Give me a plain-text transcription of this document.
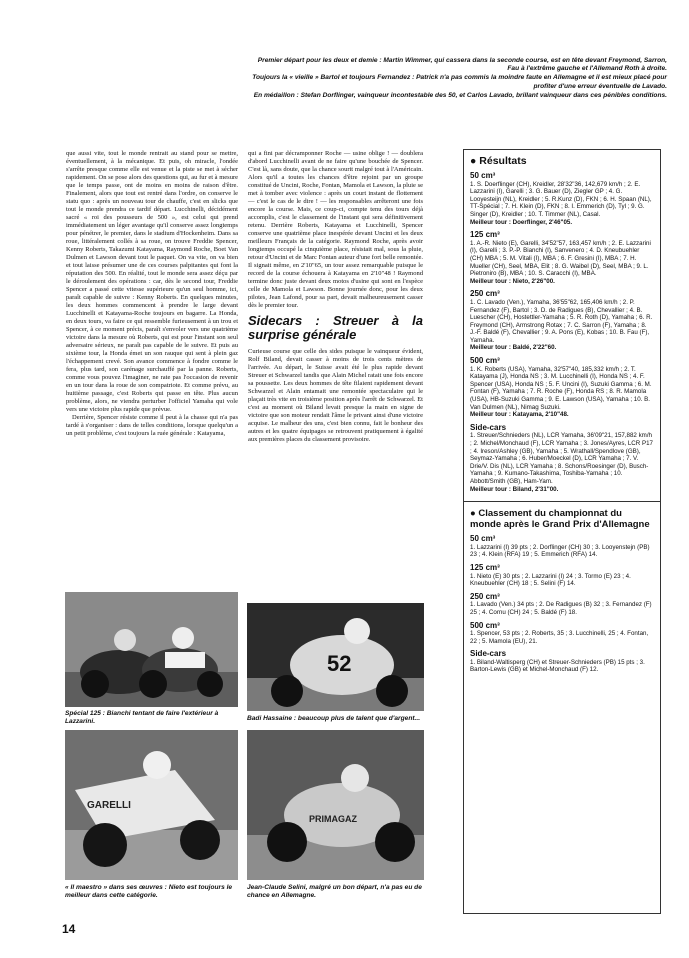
Premier départ pour les deux et demie : Martin Wimmer, qui cassera dans la seconde course, est en tête devant Freymond, Sarron, Fau à l'extrême gauche et l'Allemand Roth à droite.

Toujours la « vieille » Bartol et toujours Fernandez : Patrick n'a pas commis la moindre faute en Allemagne et il est mieux placé pour profiter d'une erreur éventuelle de Lavado.

En médaillon : Stefan Dorflinger, vainqueur incontestable des 50, et Carlos Lavado, brillant vainqueur dans ces pénibles conditions.

que aussi vite, tout le monde rentrait au stand pour se mettre, éventuellement, à la mécanique. Et puis, oh miracle, l'ondée s'arrête presque comme elle est venue et la piste se met à sécher rapidement. On se pose alors des questions qui, au fur et à mesure que le temps passe, ont de moins en moins de raison d'être. Finalement, alors que tout est rentré dans l'ordre, on conserve le statu quo : après un nouveau tour de chauffe, c'est en slicks que tout le monde prendra ce tardif départ. Lucchinelli, décidément sacré « roi des pousseurs de 500 », est celui qui prend immédiatement un léger avantage qu'il conserve assez longtemps pour pénétrer, le premier, dans le stadium d'Hockenheim. Dans sa roue, littéralement collés à sa roue, on trouve Freddie Spencer, Kenny Roberts, Takazumi Katayama, Raymond Roche, Boet Van Dulmen et Lawson devant tout le paquet. On va vite, on va bien et tout laisse présumer une de ces courses palpitantes qui font la réputation des 500. En réalité, tout le monde sera assez déçu par le déroulement des opérations : car, dès le second tour, Freddie Spencer a passé cette vitesse supérieure qu'un seul homme, ici, paraît capable de suivre : Kenny Roberts. En quelques minutes, les deux hommes commencent à prendre le large devant Lucchinelli et Katayama-Roche toujours en bagarre. La Honda, en deux tours, va faire ce qui ressemble furieusement à un trou et Spencer, à ce moment précis, paraît s'envoler vers une quatrième victoire dans la mesure où Roberts, qui est pour l'instant son seul adversaire sérieux, ne paraît pas capable de le suivre. Et puis au sixième tour, la Honda émet un son rauque qui sent à plein gaz l'échappement crevé. Son avance commence à fondre comme le fera, plus tard, son carénage surchauffé par la panne. Roberts, comme vous pouvez l'imaginer, ne rate pas l'occasion de revenir en un tour dans la roue de son compatriote. Et comme prévu, au huitième passage, c'est Roberts qui passe en tête. Plus aucun problème, alors, ne viendra perturber l'officiel Yamaha qui vole vers une victoire plus rapide que prévue.

Derrière, Spencer résiste comme il peut à la chasse qui n'a pas tardé à s'organiser : dans de telles conditions, lorsque quelqu'un a un petit problème, c'est toujours la ruée générale : Katayama,

qui a fini par décramponner Roche — usine oblige ! — doublera d'abord Lucchinelli avant de ne faire qu'une bouchée de Spencer. C'est là, sans doute, que la chance sourit malgré tout à l'Américain. Alors qu'il a toutes les chances d'être rejoint par un groupe constitué de Uncini, Roche, Fontan, Mamola et Lawson, la pluie se met à tomber avec violence : après un court instant de flottement — c'est le cas de le dire ! — les responsables arrêteront une fois encore la course. Mais, ce coup-ci, compte tenu des tours déjà accomplis, c'est le classement de l'instant qui sera définitivement retenu. Derrière Roberts, Katayama et Lucchinelli, Spencer conserve une quatrième place inespérée devant Uncini et les deux meilleurs Français de la catégorie. Raymond Roche, après avoir longtemps occupé la cinquième place, résistait mal, sous la pluie, retour d'Uncini et de Marc Fontan auteur d'une fort belle remontée. Il signait même, en 2'10"65, un tour assez remarquable puisque le record de la course échouera à Katayama en 2'10"48 ! Raymond termine donc juste devant deux motos d'usine qui sont en l'espèce celle de Mamola et Lawson. Bonne journée donc, pour les deux pilotes, Jean Lafond, pour sa part, devait malheureusement casser dès le premier tour.

Sidecars : Streuer à la surprise générale

Curieuse course que celle des sides puisque le vainqueur évident, Rolf Biland, devait casser à moins de trois cents mètres de l'arrivée. Au départ, le Suisse avait été le plus rapide devant Streuer et Schwarzel tandis que Alain Michel ratait une fois encore sa poussette. Les deux hommes de tête filaient rapidement devant Schwarzel et Alain entamait une remontée spectaculaire qui le plaçait très vite en troisième position après l'arrêt de Schwarzel. Et c'est au moment où Biland levait presque la main en signe de victoire que son moteur rendait l'âme le privant ainsi d'une victoire acquise. Le malheur des uns, c'est bien connu, fait le bonheur des autres et les quatre équipages se retrouvent pratiquement à égalité aux premières places du classement provisoire.

● Résultats
50 cm³

1. S. Doerflinger (CH), Kreidler, 28'32"36, 142,679 km/h ; 2. E. Lazzarini (I), Garelli ; 3. G. Bauer (D), Ziegler GP ; 4. G. Looyesteijn (NL), Kreidler ; 5. R.Kunz (D), FKN ; 6. H. Spaan (NL), TT-Spécial ; 7. H. Klein (D), FKN ; 8. I. Emmerich (D), Tyl ; 9. G. Singer (D), Kreidler ; 10. T. Timmer (NL), Casal.

Meilleur tour : Doerflinger, 2'46"05.

125 cm³

1. A.-R. Nieto (E), Garelli, 34'52"57, 163,457 km/h ; 2. E. Lazzarini (I), Garelli ; 3. P.-P. Bianchi (I), Sanvenero ; 4. D. Kneubuehler (CH) MBA ; 5. M. Vitali (I), MBA ; 6. F. Gresini (I), MBA ; 7. H. Mueller (CH), Seel, MBA, Elit ; 8. G. Waibel (D), Seel, MBA ; 9. L. Pietroniro (B), MBA ; 10. S. Caracchi (I), MBA.

Meilleur tour : Nieto, 2'26"00.

250 cm³

1. C. Lavado (Ven.), Yamaha, 36'55"62, 165,406 km/h ; 2. P. Fernandez (F), Bartol ; 3. D. de Radigues (B), Chevallier ; 4. B. Luescher (CH), Hostettler-Yamaha ; 5. R. Roth (D), Yamaha ; 6. R. Freymond (CH), Armstrong Rotax ; 7. C. Sarron (F), Yamaha ; 8. J.-F. Baldé (F), Chevallier ; 9. A. Pons (E), Kobas ; 10. B. Fau (F), Yamaha.

Meilleur tour : Baldé, 2'22"60.

500 cm³

1. K. Roberts (USA), Yamaha, 32'57"40, 185,332 km/h ; 2. T. Katayama (J), Honda NS ; 3. M. Lucchinelli (I), Honda NS ; 4. F. Spencer (USA), Honda NS ; 5. F. Uncini (I), Suzuki Gamma ; 6. M. Fontan (F), Yamaha ; 7. R. Roche (F), Honda RS ; 8. R. Mamola (USA), HB-Suzuki Gamma ; 9. E. Lawson (USA), Yamaha ; 10. B. Van Dulmen (NL), Nimag Suzuki.

Meilleur tour : Katayama, 2'10"48.

Side-cars

1. Streuer/Schnieders (NL), LCR Yamaha, 36'09"21, 157,882 km/h ; 2. Michel/Monchaud (F), LCR Yamaha ; 3. Jones/Ayres, LCR P17 ; 4. Ireson/Ashley (GB), Yamaha ; 5. Wrathall/Spendlove (GB), Seymaz-Yamaha ; 6. Huber/Moeckel (D), LCR Yamaha ; 7. V. Drie/V. Dis (NL), LCR Yamaha ; 8. Schons/Roesinger (D), Busch-Yamaha ; 9. Kumano-Takashima, Toshiba-Yamaha ; 10. Abbott/Smith (GB), Ham-Yam.

Meilleur tour : Biland, 2'31"00.

● Classement du championnat du monde après le Grand Prix d'Allemagne
50 cm³

1. Lazzarini (I) 39 pts ; 2. Dorflinger (CH) 30 ; 3. Looyenstejn (PB) 23 ; 4. Klein (RFA) 19 ; 5. Emmerich (RFA) 14.

125 cm³

1. Nieto (E) 30 pts ; 2. Lazzarini (I) 24 ; 3. Tormo (E) 23 ; 4. Kneubuehler (CH) 18 ; 5. Selini (F) 14.

250 cm³

1. Lavado (Ven.) 34 pts ; 2. De Radigues (B) 32 ; 3. Fernandez (F) 25 ; 4. Cornu (CH) 24 ; 5. Baldé (F) 18.

500 cm³

1. Spencer, 53 pts ; 2. Roberts, 35 ; 3. Lucchinelli, 25 ; 4. Fontan, 22 ; 5. Mamola (EU), 21.

Side-cars

1. Biland-Waltisperg (CH) et Streuer-Schnieders (PB) 15 pts ; 3. Barton-Lewis (GB) et Michel-Monchaud (F) 12.

Spécial 125 : Bianchi tentant de faire l'extérieur à Lazzarini.
52
Badi Hassaine : beaucoup plus de talent que d'argent...
GARELLI
« Il maestro » dans ses œuvres : Nieto est toujours le meilleur dans cette catégorie.
PRIMAGAZ
Jean-Claude Selini, malgré un bon départ, n'a pas eu de chance en Allemagne.
14
